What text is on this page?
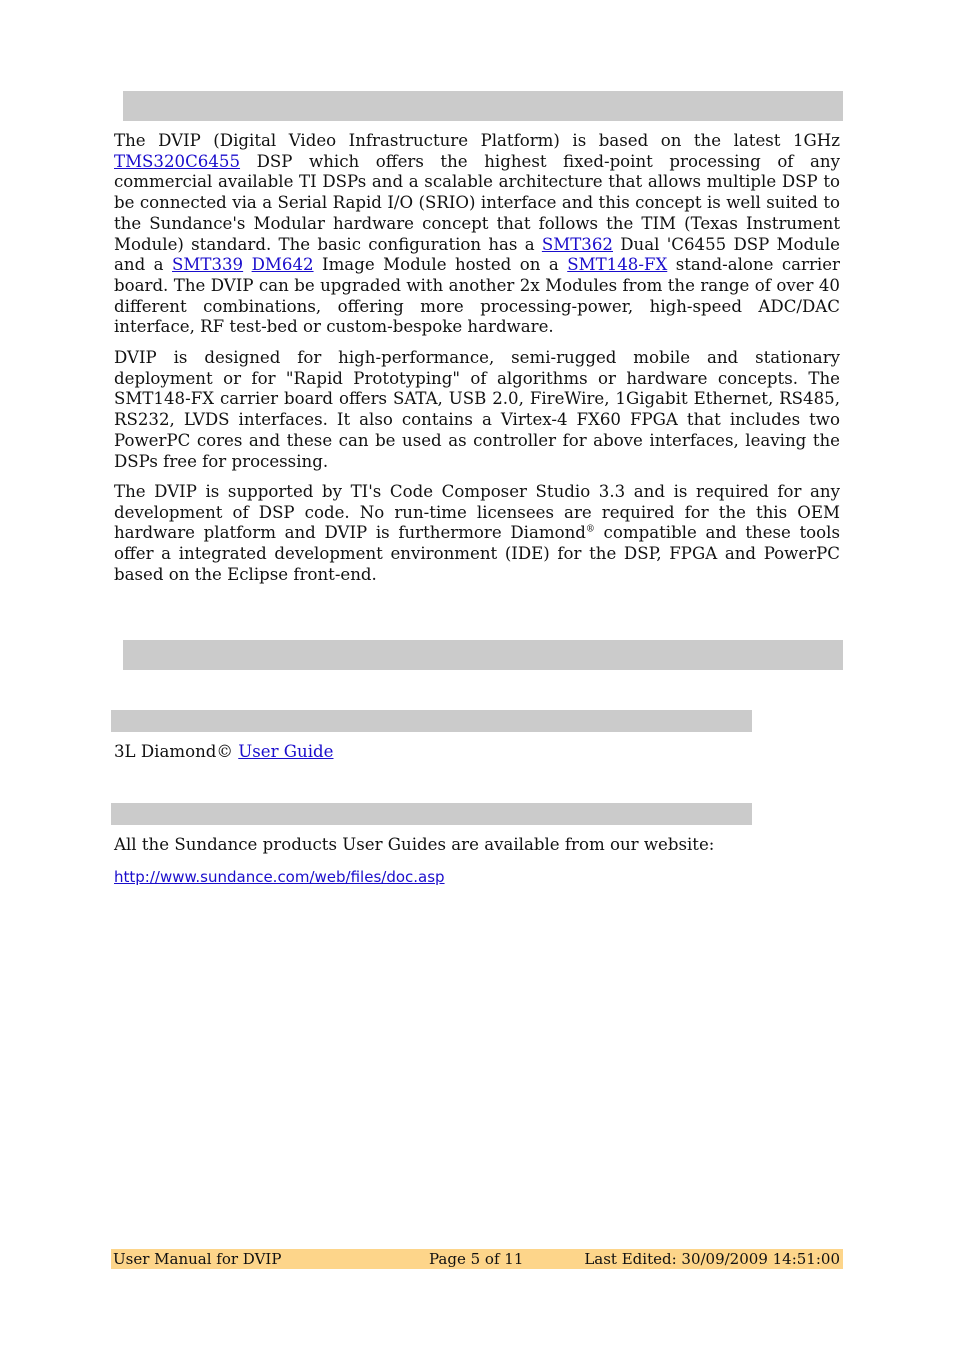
The DVIP (Digital Video Infrastructure Platform) is based on the latest 1GHz TMS320C6455 DSP which offers the highest fixed-point processing of any commercial available TI DSPs and a scalable architecture that allows multiple DSP to be connected via a Serial Rapid I/O (SRIO) interface and this concept is well suited to the Sundance's Modular hardware concept that follows the TIM (Texas Instrument Module) standard. The basic configuration has a SMT362 Dual 'C6455 DSP Module and a SMT339 DM642 Image Module hosted on a SMT148-FX stand-alone carrier board. The DVIP can be upgraded with another 2x Modules from the range of over 40 different combinations, offering more processing-power, high-speed ADC/DAC interface, RF test-bed or custom-bespoke hardware.

DVIP is designed for high-performance, semi-rugged mobile and stationary deployment or for "Rapid Prototyping" of algorithms or hardware concepts. The SMT148-FX carrier board offers SATA, USB 2.0, FireWire, 1Gigabit Ethernet, RS485, RS232, LVDS interfaces. It also contains a Virtex-4 FX60 FPGA that includes two PowerPC cores and these can be used as controller for above interfaces, leaving the DSPs free for processing.

The DVIP is supported by TI's Code Composer Studio 3.3 and is required for any development of DSP code. No run-time licensees are required for the this OEM hardware platform and DVIP is furthermore Diamond® compatible and these tools offer a integrated development environment (IDE) for the DSP, FPGA and PowerPC based on the Eclipse front-end.

3L Diamond© User Guide

All the Sundance products User Guides are available from our website:

http://www.sundance.com/web/files/doc.asp
User Manual for DVIP	Page 5 of 11	Last Edited: 30/09/2009 14:51:00
